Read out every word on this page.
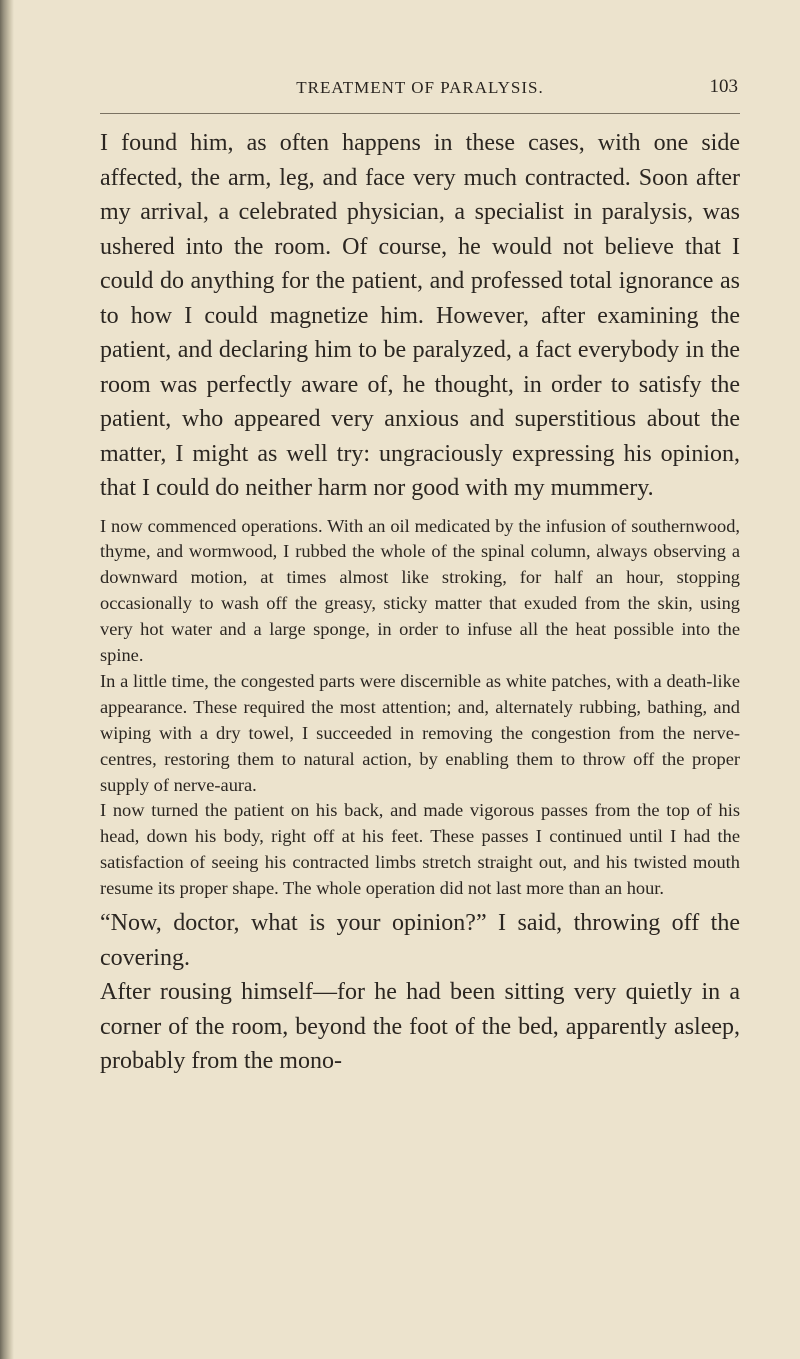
TREATMENT OF PARALYSIS.	103

I found him, as often happens in these cases, with one side affected, the arm, leg, and face very much contracted. Soon after my arrival, a celebrated physician, a specialist in paralysis, was ushered into the room. Of course, he would not believe that I could do anything for the patient, and professed total ignorance as to how I could magnetize him. However, after examining the patient, and declaring him to be paralyzed, a fact everybody in the room was perfectly aware of, he thought, in order to satisfy the patient, who appeared very anxious and superstitious about the matter, I might as well try: ungraciously expressing his opinion, that I could do neither harm nor good with my mummery.

I now commenced operations. With an oil medicated by the infusion of southernwood, thyme, and wormwood, I rubbed the whole of the spinal column, always observing a downward motion, at times almost like stroking, for half an hour, stopping occasionally to wash off the greasy, sticky matter that exuded from the skin, using very hot water and a large sponge, in order to infuse all the heat possible into the spine.

In a little time, the congested parts were discernible as white patches, with a death-like appearance. These required the most attention; and, alternately rubbing, bathing, and wiping with a dry towel, I succeeded in removing the congestion from the nerve-centres, restoring them to natural action, by enabling them to throw off the proper supply of nerve-aura.

I now turned the patient on his back, and made vigorous passes from the top of his head, down his body, right off at his feet. These passes I continued until I had the satisfaction of seeing his contracted limbs stretch straight out, and his twisted mouth resume its proper shape. The whole operation did not last more than an hour.

“Now, doctor, what is your opinion?” I said, throwing off the covering.

After rousing himself—for he had been sitting very quietly in a corner of the room, beyond the foot of the bed, apparently asleep, probably from the mono-
